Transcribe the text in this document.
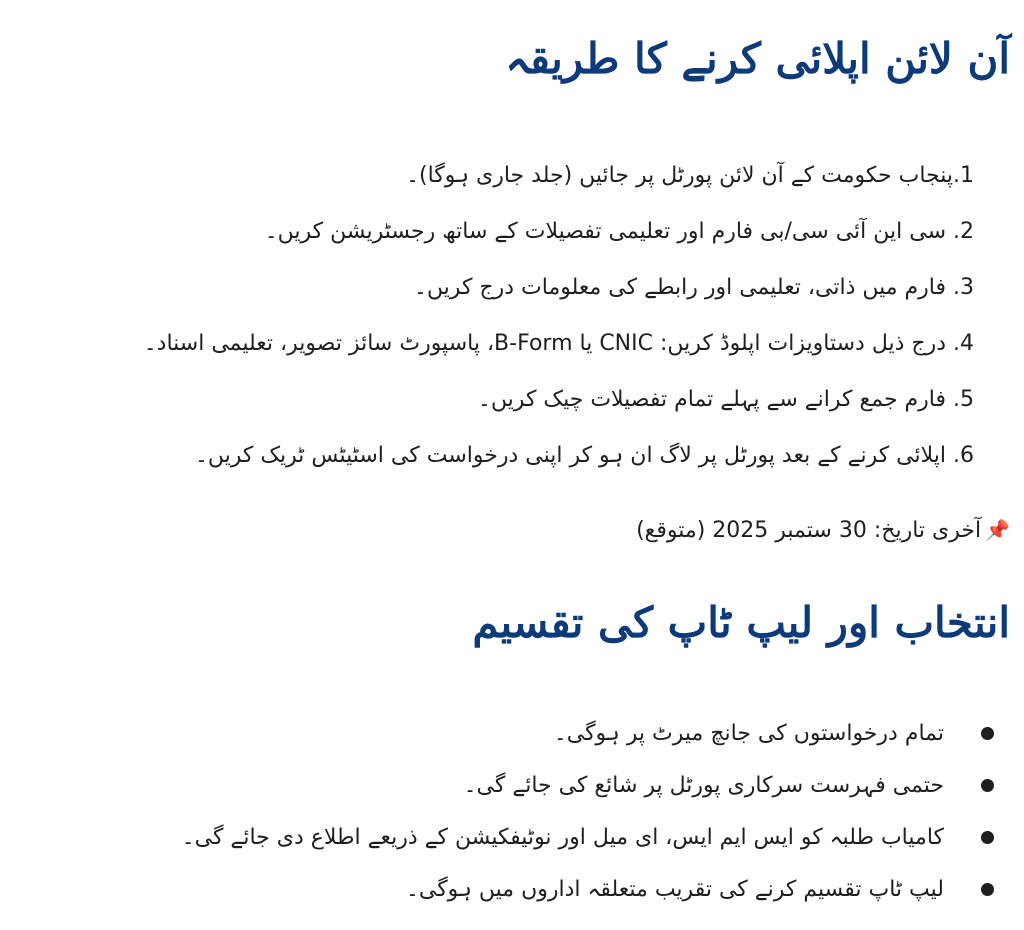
آن لائن اپلائی کرنے کا طریقہ
1.پنجاب حکومت کے آن لائن پورٹل پر جائیں (جلد جاری ہوگا)۔
2. سی این آئی سی/بی فارم اور تعلیمی تفصیلات کے ساتھ رجسٹریشن کریں۔
3. فارم میں ذاتی، تعلیمی اور رابطے کی معلومات درج کریں۔
4. درج ذیل دستاویزات اپلوڈ کریں: CNIC یا B-Form، پاسپورٹ سائز تصویر، تعلیمی اسناد۔
5. فارم جمع کرانے سے پہلے تمام تفصیلات چیک کریں۔
6. اپلائی کرنے کے بعد پورٹل پر لاگ ان ہو کر اپنی درخواست کی اسٹیٹس ٹریک کریں۔
📌آخری تاریخ: 30 ستمبر 2025 (متوقع)
انتخاب اور لیپ ٹاپ کی تقسیم
تمام درخواستوں کی جانچ میرٹ پر ہوگی۔
حتمی فہرست سرکاری پورٹل پر شائع کی جائے گی۔
کامیاب طلبہ کو ایس ایم ایس، ای میل اور نوٹیفکیشن کے ذریعے اطلاع دی جائے گی۔
لیپ ٹاپ تقسیم کرنے کی تقریب متعلقہ اداروں میں ہوگی۔
